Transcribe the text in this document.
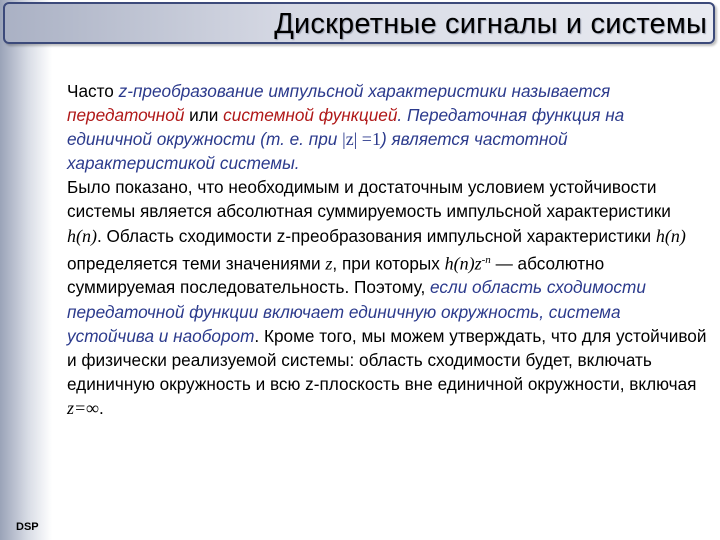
Дискретные сигналы и системы

Часто z-преобразование импульсной характеристики называется передаточной или системной функцией. Передаточная функция на единичной окружности (т. е. при |z| =1) является частотной характеристикой системы.

Было показано, что необходимым и достаточным условием устойчивости системы является абсолютная суммируемость импульсной характеристики h(n). Область сходимости z-преобразования импульсной характеристики h(n) определяется теми значениями z, при которых $h(n)z^{-n}$ — абсолютно суммируемая последовательность. Поэтому, если область сходимости передаточной функции включает единичную окружность, система устойчива и наоборот. Кроме того, мы можем утверждать, что для устойчивой и физически реализуемой системы: область сходимости будет, включать единичную окружность и всю z-плоскость вне единичной окружности, включая z=∞.

DSP
